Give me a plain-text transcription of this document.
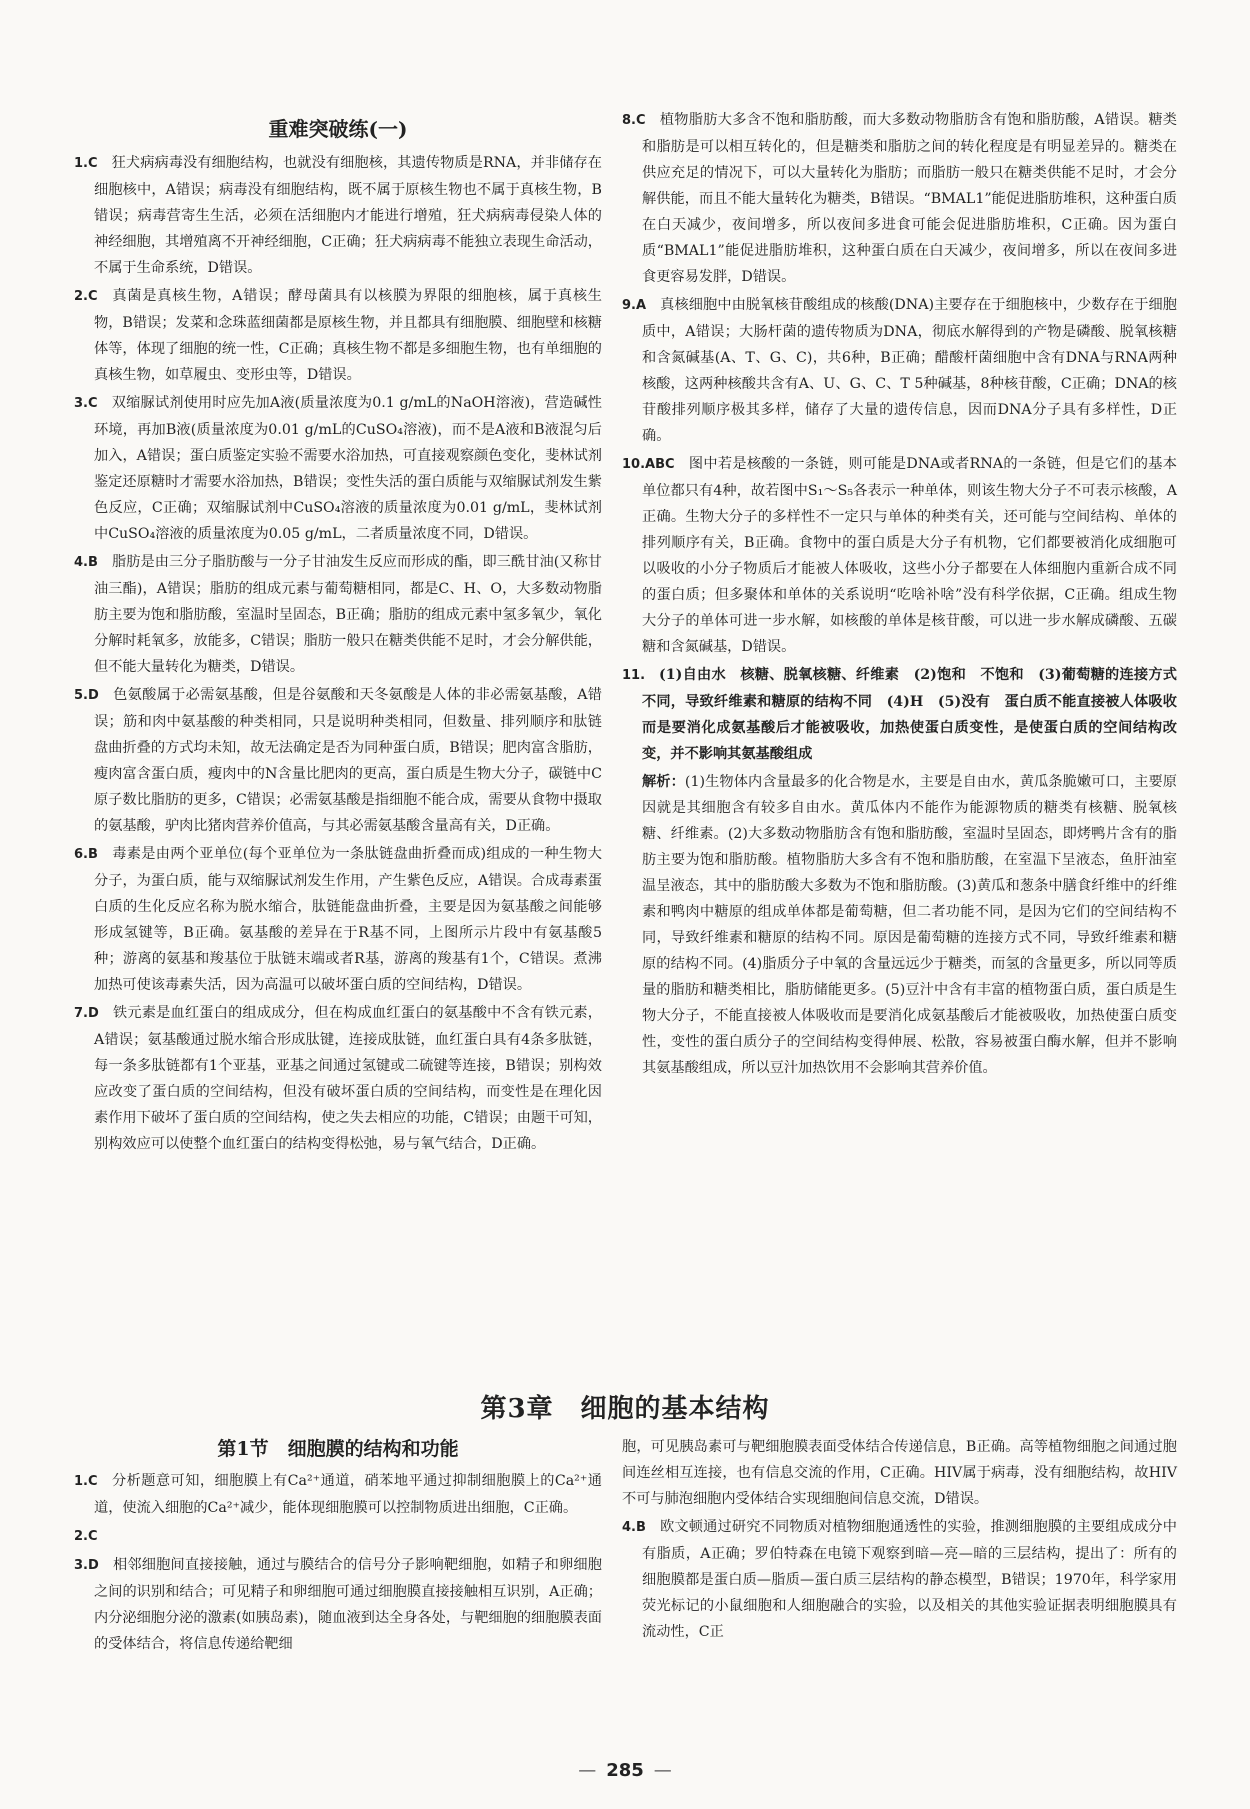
重难突破练(一)
1.C 狂犬病病毒没有细胞结构，也就没有细胞核，其遗传物质是RNA，并非储存在细胞核中，A错误；病毒没有细胞结构，既不属于原核生物也不属于真核生物，B错误；病毒营寄生生活，必须在活细胞内才能进行增殖，狂犬病病毒侵染人体的神经细胞，其增殖离不开神经细胞，C正确；狂犬病病毒不能独立表现生命活动，不属于生命系统，D错误。
2.C 真菌是真核生物，A错误；酵母菌具有以核膜为界限的细胞核，属于真核生物，B错误；发菜和念珠蓝细菌都是原核生物，并且都具有细胞膜、细胞壁和核糖体等，体现了细胞的统一性，C正确；真核生物不都是多细胞生物，也有单细胞的真核生物，如草履虫、变形虫等，D错误。
3.C 双缩脲试剂使用时应先加A液(质量浓度为0.1 g/mL的NaOH溶液)，营造碱性环境，再加B液(质量浓度为0.01 g/mL的CuSO₄溶液)，而不是A液和B液混匀后加入，A错误；蛋白质鉴定实验不需要水浴加热，可直接观察颜色变化，斐林试剂鉴定还原糖时才需要水浴加热，B错误；变性失活的蛋白质能与双缩脲试剂发生紫色反应，C正确；双缩脲试剂中CuSO₄溶液的质量浓度为0.01 g/mL，斐林试剂中CuSO₄溶液的质量浓度为0.05 g/mL，二者质量浓度不同，D错误。
4.B 脂肪是由三分子脂肪酸与一分子甘油发生反应而形成的酯，即三酰甘油(又称甘油三酯)，A错误；脂肪的组成元素与葡萄糖相同，都是C、H、O，大多数动物脂肪主要为饱和脂肪酸，室温时呈固态，B正确；脂肪的组成元素中氢多氧少，氧化分解时耗氧多，放能多，C错误；脂肪一般只在糖类供能不足时，才会分解供能，但不能大量转化为糖类，D错误。
5.D 色氨酸属于必需氨基酸，但是谷氨酸和天冬氨酸是人体的非必需氨基酸，A错误；筋和肉中氨基酸的种类相同，只是说明种类相同，但数量、排列顺序和肽链盘曲折叠的方式均未知，故无法确定是否为同种蛋白质，B错误；肥肉富含脂肪，瘦肉富含蛋白质，瘦肉中的N含量比肥肉的更高，蛋白质是生物大分子，碳链中C原子数比脂肪的更多，C错误；必需氨基酸是指细胞不能合成，需要从食物中摄取的氨基酸，驴肉比猪肉营养价值高，与其必需氨基酸含量高有关，D正确。
6.B 毒素是由两个亚单位(每个亚单位为一条肽链盘曲折叠而成)组成的一种生物大分子，为蛋白质，能与双缩脲试剂发生作用，产生紫色反应，A错误。合成毒素蛋白质的生化反应名称为脱水缩合，肽链能盘曲折叠，主要是因为氨基酸之间能够形成氢键等，B正确。氨基酸的差异在于R基不同，上图所示片段中有氨基酸5种；游离的氨基和羧基位于肽链末端或者R基，游离的羧基有1个，C错误。煮沸加热可使该毒素失活，因为高温可以破坏蛋白质的空间结构，D错误。
7.D 铁元素是血红蛋白的组成成分，但在构成血红蛋白的氨基酸中不含有铁元素，A错误；氨基酸通过脱水缩合形成肽键，连接成肽链，血红蛋白具有4条多肽链，每一条多肽链都有1个亚基，亚基之间通过氢键或二硫键等连接，B错误；别构效应改变了蛋白质的空间结构，但没有破坏蛋白质的空间结构，而变性是在理化因素作用下破坏了蛋白质的空间结构，使之失去相应的功能，C错误；由题干可知，别构效应可以使整个血红蛋白的结构变得松弛，易与氧气结合，D正确。
8.C 植物脂肪大多含不饱和脂肪酸，而大多数动物脂肪含有饱和脂肪酸，A错误。糖类和脂肪是可以相互转化的，但是糖类和脂肪之间的转化程度是有明显差异的。糖类在供应充足的情况下，可以大量转化为脂肪；而脂肪一般只在糖类供能不足时，才会分解供能，而且不能大量转化为糖类，B错误。“BMAL1”能促进脂肪堆积，这种蛋白质在白天减少，夜间增多，所以夜间多进食可能会促进脂肪堆积，C正确。因为蛋白质“BMAL1”能促进脂肪堆积，这种蛋白质在白天减少，夜间增多，所以在夜间多进食更容易发胖，D错误。
9.A 真核细胞中由脱氧核苷酸组成的核酸(DNA)主要存在于细胞核中，少数存在于细胞质中，A错误；大肠杆菌的遗传物质为DNA，彻底水解得到的产物是磷酸、脱氧核糖和含氮碱基(A、T、G、C)，共6种，B正确；醋酸杆菌细胞中含有DNA与RNA两种核酸，这两种核酸共含有A、U、G、C、T 5种碱基，8种核苷酸，C正确；DNA的核苷酸排列顺序极其多样，储存了大量的遗传信息，因而DNA分子具有多样性，D正确。
10.ABC 图中若是核酸的一条链，则可能是DNA或者RNA的一条链，但是它们的基本单位都只有4种，故若图中S₁～S₅各表示一种单体，则该生物大分子不可表示核酸，A正确。生物大分子的多样性不一定只与单体的种类有关，还可能与空间结构、单体的排列顺序有关，B正确。食物中的蛋白质是大分子有机物，它们都要被消化成细胞可以吸收的小分子物质后才能被人体吸收，这些小分子都要在人体细胞内重新合成不同的蛋白质；但多聚体和单体的关系说明“吃啥补啥”没有科学依据，C正确。组成生物大分子的单体可进一步水解，如核酸的单体是核苷酸，可以进一步水解成磷酸、五碳糖和含氮碱基，D错误。
11. (1)自由水　核糖、脱氧核糖、纤维素　(2)饱和　不饱和　(3)葡萄糖的连接方式不同，导致纤维素和糖原的结构不同　(4)H　(5)没有　蛋白质不能直接被人体吸收而是要消化成氨基酸后才能被吸收，加热使蛋白质变性，是使蛋白质的空间结构改变，并不影响其氨基酸组成
解析：(1)生物体内含量最多的化合物是水，主要是自由水，黄瓜条脆嫩可口，主要原因就是其细胞含有较多自由水。黄瓜体内不能作为能源物质的糖类有核糖、脱氧核糖、纤维素。(2)大多数动物脂肪含有饱和脂肪酸，室温时呈固态，即烤鸭片含有的脂肪主要为饱和脂肪酸。植物脂肪大多含有不饱和脂肪酸，在室温下呈液态，鱼肝油室温呈液态，其中的脂肪酸大多数为不饱和脂肪酸。(3)黄瓜和葱条中膳食纤维中的纤维素和鸭肉中糖原的组成单体都是葡萄糖，但二者功能不同，是因为它们的空间结构不同，导致纤维素和糖原的结构不同。原因是葡萄糖的连接方式不同，导致纤维素和糖原的结构不同。(4)脂质分子中氧的含量远远少于糖类，而氢的含量更多，所以同等质量的脂肪和糖类相比，脂肪储能更多。(5)豆汁中含有丰富的植物蛋白质，蛋白质是生物大分子，不能直接被人体吸收而是要消化成氨基酸后才能被吸收，加热使蛋白质变性，变性的蛋白质分子的空间结构变得伸展、松散，容易被蛋白酶水解，但并不影响其氨基酸组成，所以豆汁加热饮用不会影响其营养价值。
第3章　细胞的基本结构
第1节　细胞膜的结构和功能
1.C 分析题意可知，细胞膜上有Ca²⁺通道，硝苯地平通过抑制细胞膜上的Ca²⁺通道，使流入细胞的Ca²⁺减少，能体现细胞膜可以控制物质进出细胞，C正确。
2.C
3.D 相邻细胞间直接接触，通过与膜结合的信号分子影响靶细胞，如精子和卵细胞之间的识别和结合；可见精子和卵细胞可通过细胞膜直接接触相互识别，A正确；内分泌细胞分泌的激素(如胰岛素)，随血液到达全身各处，与靶细胞的细胞膜表面的受体结合，将信息传递给靶细
胞，可见胰岛素可与靶细胞膜表面受体结合传递信息，B正确。高等植物细胞之间通过胞间连丝相互连接，也有信息交流的作用，C正确。HIV属于病毒，没有细胞结构，故HIV不可与肺泡细胞内受体结合实现细胞间信息交流，D错误。
4.B 欧文顿通过研究不同物质对植物细胞通透性的实验，推测细胞膜的主要组成成分中有脂质，A正确；罗伯特森在电镜下观察到暗—亮—暗的三层结构，提出了：所有的细胞膜都是蛋白质—脂质—蛋白质三层结构的静态模型，B错误；1970年，科学家用荧光标记的小鼠细胞和人细胞融合的实验，以及相关的其他实验证据表明细胞膜具有流动性，C正
— 285 —
